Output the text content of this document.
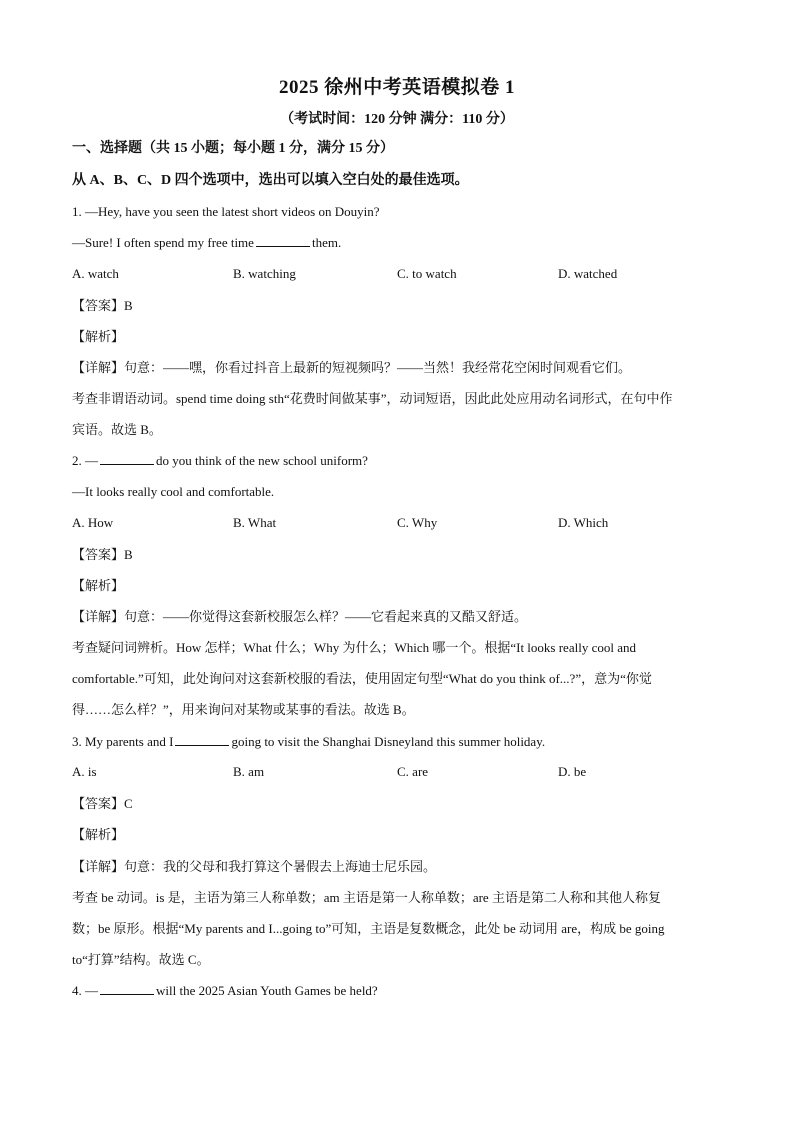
2025 徐州中考英语模拟卷 1
（考试时间：120 分钟 满分：110 分）
一、选择题（共 15 小题；每小题 1 分，满分 15 分）
从 A、B、C、D 四个选项中，选出可以填入空白处的最佳选项。
1. —Hey, have you seen the latest short videos on Douyin?
—Sure! I often spend my free time	them.
A. watch	B. watching	C. to watch	D. watched
【答案】B
【解析】
【详解】句意：——嘿，你看过抖音上最新的短视频吗？——当然！我经常花空闲时间观看它们。
考查非谓语动词。spend time doing sth“花费时间做某事”，动词短语，因此此处应用动名词形式，在句中作
宾语。故选 B。
2. —	do you think of the new school uniform?
—It looks really cool and comfortable.
A. How	B. What	C. Why	D. Which
【答案】B
【解析】
【详解】句意：——你觉得这套新校服怎么样？——它看起来真的又酷又舒适。
考查疑问词辨析。How 怎样；What 什么；Why 为什么；Which 哪一个。根据“It looks really cool and
comfortable.”可知，此处询问对这套新校服的看法，使用固定句型“What do you think of...?”，意为“你觉
得……怎么样？”，用来询问对某物或某事的看法。故选 B。
3. My parents and I	going to visit the Shanghai Disneyland this summer holiday.
A. is	B. am	C. are	D. be
【答案】C
【解析】
【详解】句意：我的父母和我打算这个暑假去上海迪士尼乐园。
考查 be 动词。is 是，主语为第三人称单数；am 主语是第一人称单数；are 主语是第二人称和其他人称复
数；be 原形。根据“My parents and I...going to”可知，主语是复数概念，此处 be 动词用 are，构成 be going
to“打算”结构。故选 C。
4. —	will the 2025 Asian Youth Games be held?
